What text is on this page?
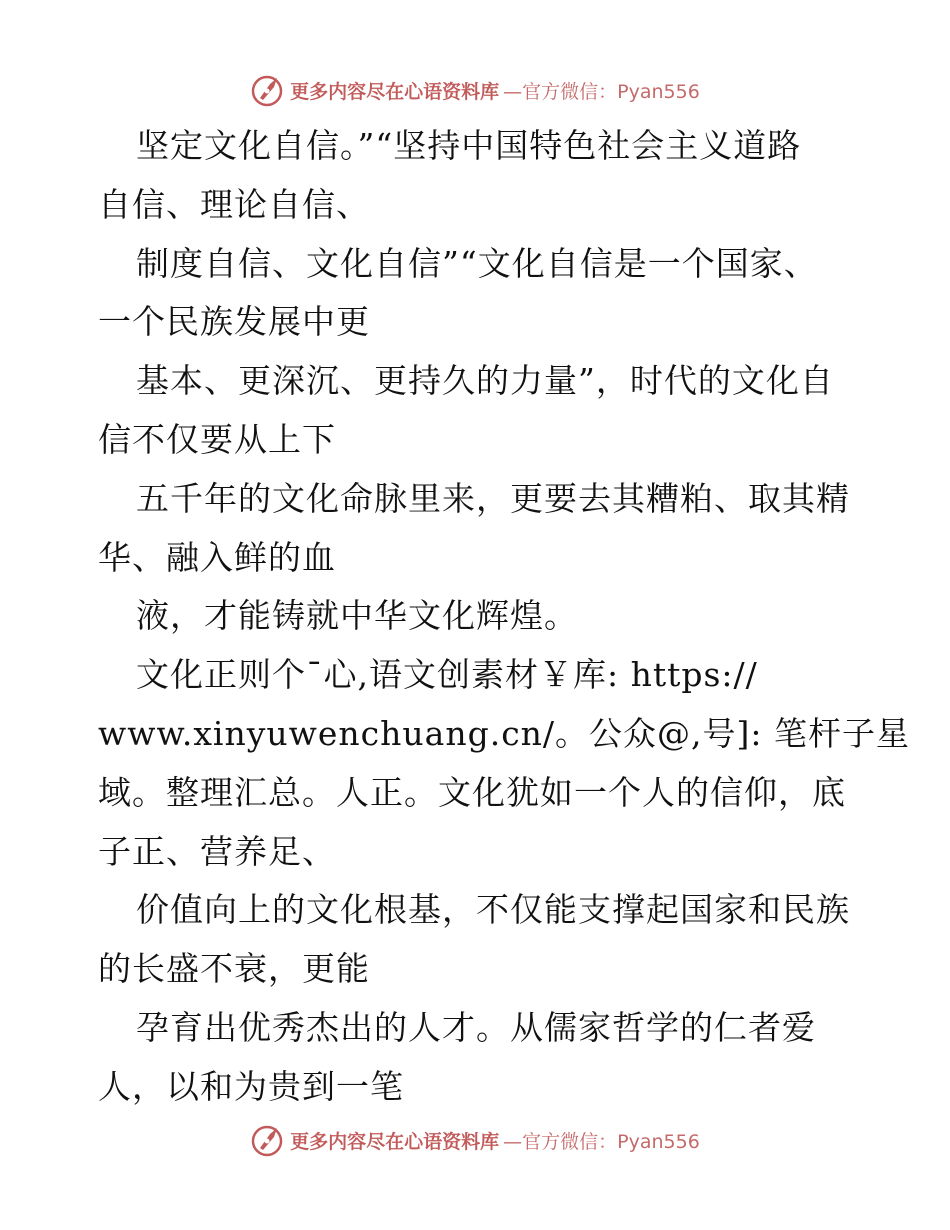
更多内容尽在心语资料库 —官方微信：Pyan556
坚定文化自信。”“坚持中国特色社会主义道路
自信、理论自信、
制度自信、文化自信”“文化自信是一个国家、
一个民族发展中更
基本、更深沉、更持久的力量”，时代的文化自
信不仅要从上下
五千年的文化命脉里来，更要去其糟粕、取其精
华、融入鲜的血
液，才能铸就中华文化辉煌。
文化正则个¯心,语文创素材￥库: https://
www.xinyuwenchuang.cn/。公众@,号]: 笔杆子星
域。整理汇总。人正。文化犹如一个人的信仰，底
子正、营养足、
价值向上的文化根基，不仅能支撑起国家和民族
的长盛不衰，更能
孕育出优秀杰出的人才。从儒家哲学的仁者爱
人，以和为贵到一笔
更多内容尽在心语资料库 —官方微信：Pyan556
